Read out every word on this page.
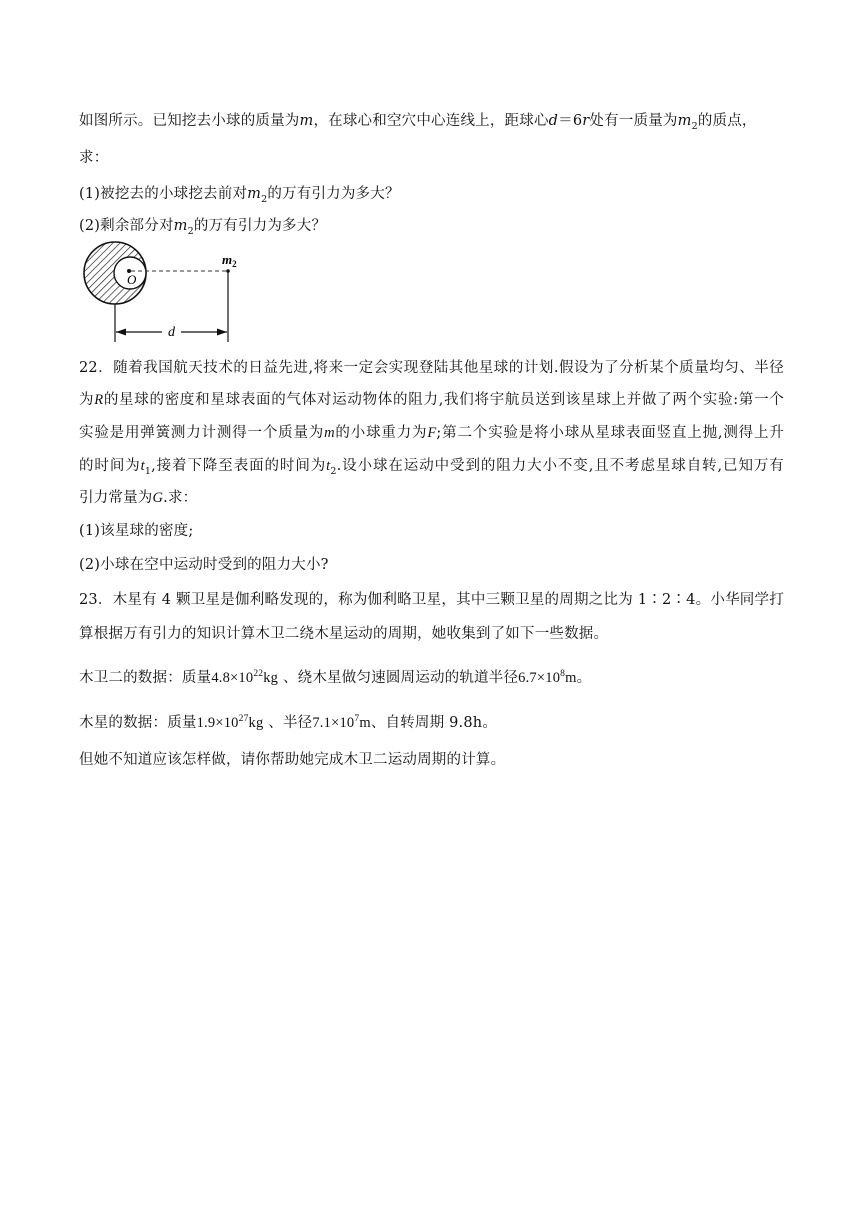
如图所示。已知挖去小球的质量为m，在球心和空穴中心连线上，距球心d＝6r处有一质量为$m_2$的质点，
求：
(1)被挖去的小球挖去前对$m_2$的万有引力为多大？
(2)剩余部分对$m_2$的万有引力为多大？
O
$m_2$
d
22．随着我国航天技术的日益先进,将来一定会实现登陆其他星球的计划.假设为了分析某个质量均匀、半径
为R的星球的密度和星球表面的气体对运动物体的阻力,我们将宇航员送到该星球上并做了两个实验:第一个
实验是用弹簧测力计测得一个质量为m的小球重力为F;第二个实验是将小球从星球表面竖直上抛,测得上升
的时间为$t_1$,接着下降至表面的时间为$t_2$.设小球在运动中受到的阻力大小不变,且不考虑星球自转,已知万有
引力常量为G.求：
(1)该星球的密度;
(2)小球在空中运动时受到的阻力大小?
23．木星有 4 颗卫星是伽利略发现的，称为伽利略卫星，其中三颗卫星的周期之比为 1∶2∶4。小华同学打
算根据万有引力的知识计算木卫二绕木星运动的周期，她收集到了如下一些数据。
木卫二的数据：质量$4.8\times 10^{22}kg$ 、绕木星做匀速圆周运动的轨道半径$6.7\times 10^8m$。
木星的数据：质量$1.9\times 10^{27}kg$ 、半径$7.1\times 10^7m$、自转周期 9.8h。
但她不知道应该怎样做，请你帮助她完成木卫二运动周期的计算。
